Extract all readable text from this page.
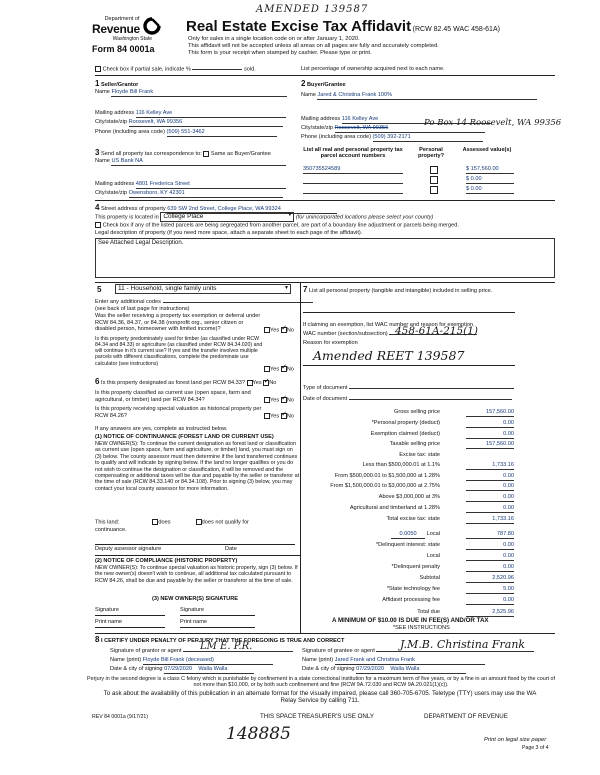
AMENDED 139587
Department of
Revenue
Washington State
Form 84 0001a
Real Estate Excise Tax Affidavit (RCW 82.45 WAC 458-61A)
Only for sales in a single location code on or after January 1, 2020.
This affidavit will not be accepted unless all areas on all pages are fully and accurately completed.
This form is your receipt when stamped by cashier. Please type or print.
Check box if partial sale, indicate %	sold.	List percentage of ownership acquired next to each name.
1 Seller/Grantor
Name Floyde Bill Frank
Mailing address 116 Kelley Ave
City/state/zip Roosevelt, WA 99356
Phone (including area code) (509) 551-3462
2 Buyer/Grantee
Name Jared & Christina Frank 100%
Mailing address 116 Kelley Ave
City/state/zip Roosevelt, WA 99356
Phone (including area code) (509) 392-2171
Po Box 14 Roosevelt, WA 99356
3 Send all property tax correspondence to: Same as Buyer/Grantee
Name US Bank NA
Mailing address 4801 Frederica Street
City/state/zip Owensboro, KY 42301
List all real and personal property tax parcel account numbers
Personal property?
Assessed value(s)
350735524589	$ 157,560.00
$ 0.00
$ 0.00
4 Street address of property 639 SW 2nd Street, College Place, WA 99324
This property is located in College Place	▼ (for unincorporated locations please select your county)
Check box if any of the listed parcels are being segregated from another parcel, are part of a boundary line adjustment or parcels being merged.
Legal description of property (if you need more space, attach a separate sheet to each page of the affidavit).
See Attached Legal Description.
5	11 - Household, single family units	▼
Enter any additional codes
(see back of last page for instructions)
Was the seller receiving a property tax exemption or deferral under RCW 84.36, 84.37, or 84.38 (nonprofit org., senior citizen or disabled person, homeowner with limited income)?	Yes ✓ No
Is this property predominately used for timber (as classified under RCW 84.34 and 84.33) or agriculture (as classified under RCW 84.34.020) and will continue in it's current use? If yes and the transfer involves multiple parcels with different classifications, complete the predominate use calculator (see instructions)
Yes ✓ No
6 Is this property designated as forest land per RCW 84.33? Yes ✓ No
Is this property classified as current use (open space, farm and agricultural, or timber) land per RCW 84.34?	Yes ✓ No
Is this property receiving special valuation as historical property per RCW 84.26?	Yes ✓ No
If any answers are yes, complete as instructed below.
(1) NOTICE OF CONTINUANCE (FOREST LAND OR CURRENT USE)
NEW OWNER(S): To continue the current designation as forest land or classification as current use (open space, farm and agriculture, or timber) land, you must sign on (3) below. The county assessor must then determine if the land transferred continues to qualify and will indicate by signing below. If the land no longer qualifies or you do not wish to continue the designation or classification, it will be removed and the compensating or additional taxes will be due and payable by the seller or transferor at the time of sale (RCW 84.33.140 or 84.34.108). Prior to signing (3) below, you may contact your local county assessor for more information.
This land:	does	does not qualify for
continuance.
Deputy assessor signature	Date
(2) NOTICE OF COMPLIANCE (HISTORIC PROPERTY)
NEW OWNER(S): To continue special valuation as historic property, sign (3) below. If the new owner(s) doesn't wish to continue, all additional tax calculated pursuant to RCW 84.26, shall be due and payable by the seller or transferor at the time of sale.
(3) NEW OWNER(S) SIGNATURE
Signature	Signature
Print name	Print name
7 List all personal property (tangible and intangible) included in selling price.
If claiming an exemption, list WAC number and reason for exemption.
WAC number (section/subsection) 458-61A-215(1)
Reason for exemption
Amended REET 139587
Type of document
Date of document
Gross selling price	157,560.00
*Personal property (deduct)	0.00
Exemption claimed (deduct)	0.00
Taxable selling price	157,560.00
Excise tax: state
Less than $500,000.01 at 1.1%	1,733.16
From $500,000.01 to $1,500,000 at 1.28%	0.00
From $1,500,000.01 to $3,000,000 at 2.75%	0.00
Above $3,000,000 at 3%	0.00
Agricultural and timberland at 1.28%	0.00
Total excise tax: state	1,733.16
0.0050 Local	787.80
*Delinquent interest: state	0.00
Local	0.00
*Delinquent penalty	0.00
Subtotal	2,520.96
*State technology fee	5.00
Affidavit processing fee	0.00
Total due	2,525.96
A MINIMUM OF $10.00 IS DUE IN FEE(S) AND/OR TAX
*SEE INSTRUCTIONS
8 I CERTIFY UNDER PENALTY OF PERJURY THAT THE FOREGOING IS TRUE AND CORRECT
Signature of grantor or agent	LM E. P.R.
Name (print) Floyde Bill Frank (deceased)
Date & city of signing 07/29/2020 Walla Walla
Signature of grantee or agent	J.M.B. Christina Frank
Name (print) Jared Frank and Christina Frank
Date & city of signing 07/29/2020 Walla Walla
Perjury in the second degree is a class C felony which is punishable by confinement in a state correctional institution for a maximum term of five years, or by a fine in an amount fixed by the court of not more than $10,000, or by both such confinement and fine (RCW 9A.72.030 and RCW 9A.20.021(1)(c)).
To ask about the availability of this publication in an alternate format for the visually impaired, please call 360-705-6705. Teletype (TTY) users may use the WA Relay Service by calling 711.
REV 84 0001a (9/17/21)	THIS SPACE TREASURER'S USE ONLY	DEPARTMENT OF REVENUE
148885	Print on legal size paper
Page 3 of 4
